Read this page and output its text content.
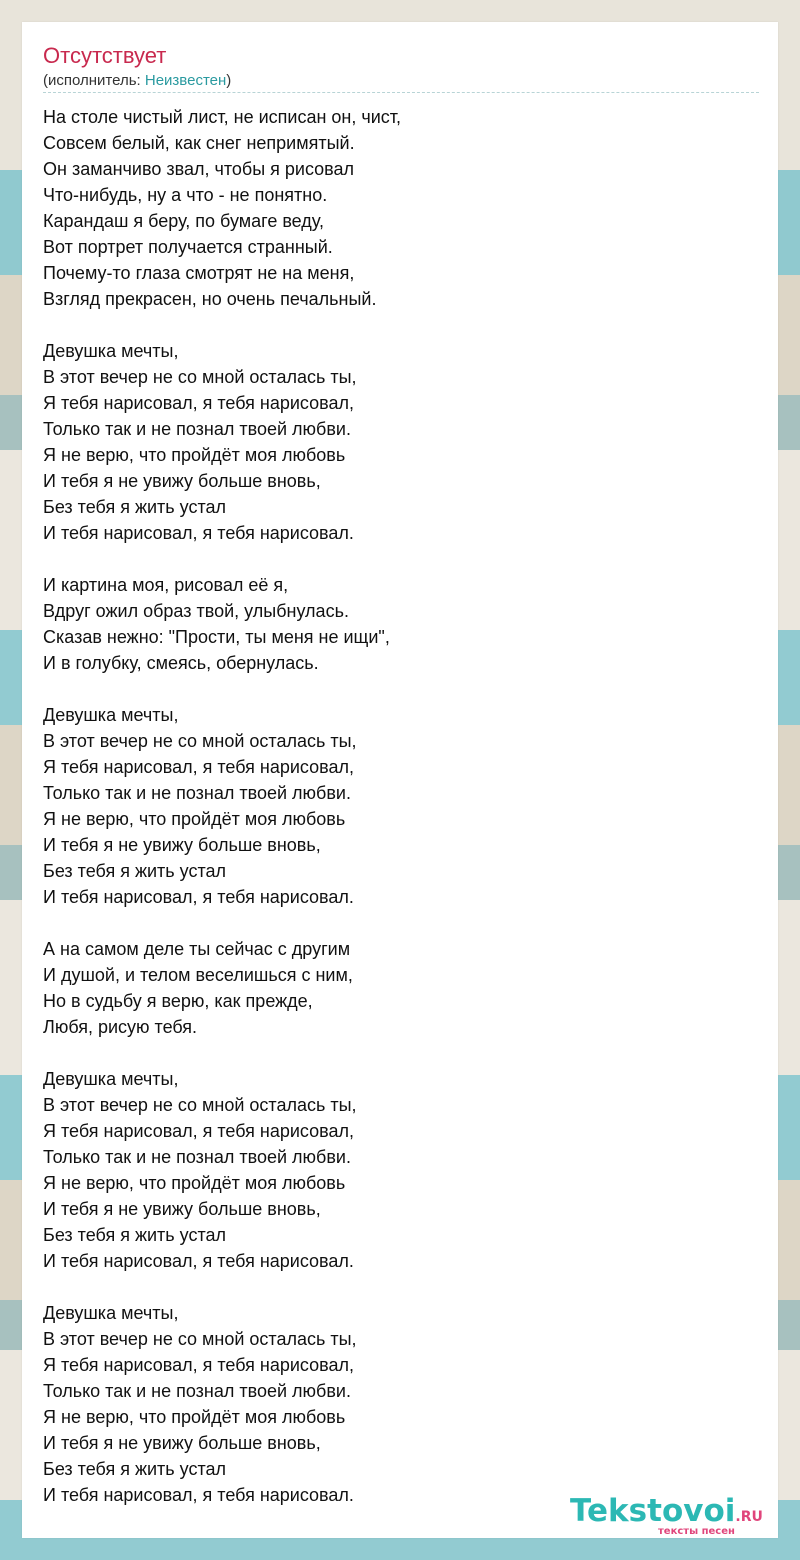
Отсутствует
(исполнитель: Неизвестен)
На столе чистый лист, не исписан он, чист,
Совсем белый, как снег непримятый.
Он заманчиво звал, чтобы я рисовал
Что-нибудь, ну а что - не понятно.
Карандаш я беру, по бумаге веду,
Вот портрет получается странный.
Почему-то глаза смотрят не на меня,
Взгляд прекрасен, но очень печальный.
Девушка мечты,
В этот вечер не со мной осталась ты,
Я тебя нарисовал, я тебя нарисовал,
Только так и не познал твоей любви.
Я не верю, что пройдёт моя любовь
И тебя я не увижу больше вновь,
Без тебя я жить устал
И тебя нарисовал, я тебя нарисовал.
И картина моя, рисовал её я,
Вдруг ожил образ твой, улыбнулась.
Сказав нежно: "Прости, ты меня не ищи",
И в голубку, смеясь, обернулась.
Девушка мечты,
В этот вечер не со мной осталась ты,
Я тебя нарисовал, я тебя нарисовал,
Только так и не познал твоей любви.
Я не верю, что пройдёт моя любовь
И тебя я не увижу больше вновь,
Без тебя я жить устал
И тебя нарисовал, я тебя нарисовал.
А на самом деле ты сейчас с другим
И душой, и телом веселишься с ним,
Но в судьбу я верю, как прежде,
Любя, рисую тебя.
Девушка мечты,
В этот вечер не со мной осталась ты,
Я тебя нарисовал, я тебя нарисовал,
Только так и не познал твоей любви.
Я не верю, что пройдёт моя любовь
И тебя я не увижу больше вновь,
Без тебя я жить устал
И тебя нарисовал, я тебя нарисовал.
Девушка мечты,
В этот вечер не со мной осталась ты,
Я тебя нарисовал, я тебя нарисовал,
Только так и не познал твоей любви.
Я не верю, что пройдёт моя любовь
И тебя я не увижу больше вновь,
Без тебя я жить устал
И тебя нарисовал, я тебя нарисовал.	Tekstovoi.RU
тексты песен
